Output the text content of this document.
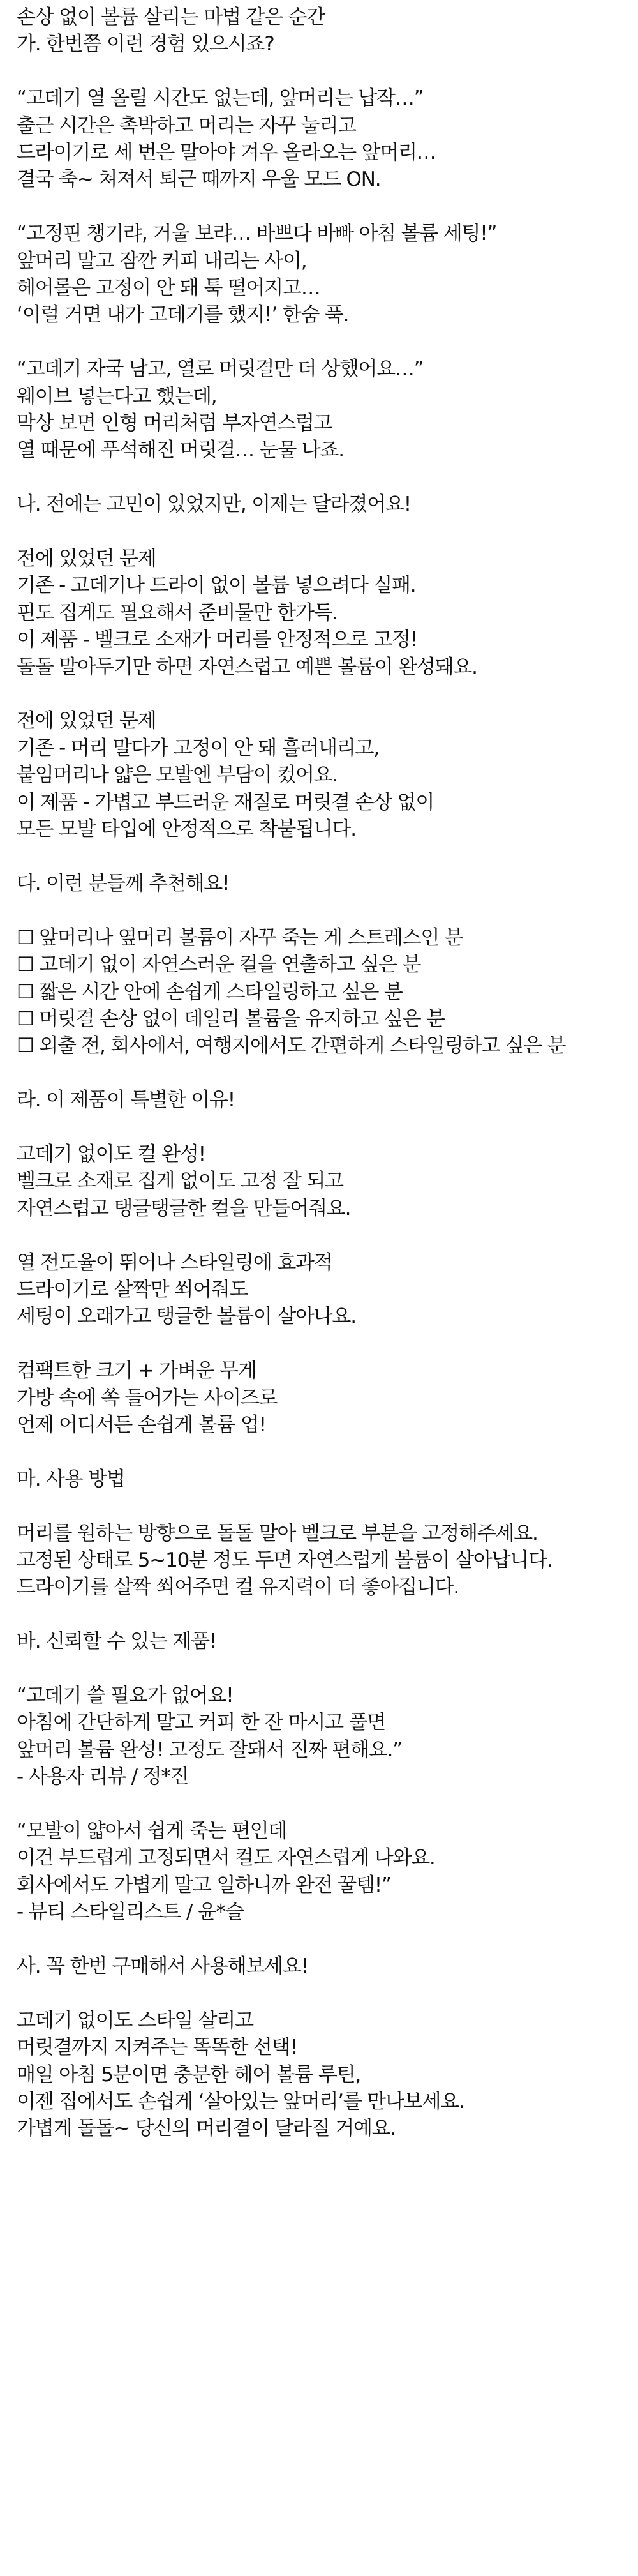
손상 없이 볼륨 살리는 마법 같은 순간
가. 한번쯤 이런 경험 있으시죠?
“고데기 열 올릴 시간도 없는데, 앞머리는 납작…”
출근 시간은 촉박하고 머리는 자꾸 눌리고
드라이기로 세 번은 말아야 겨우 올라오는 앞머리…
결국 축~ 쳐져서 퇴근 때까지 우울 모드 ON.
“고정핀 챙기랴, 거울 보랴… 바쁘다 바빠 아침 볼륨 세팅!”
앞머리 말고 잠깐 커피 내리는 사이,
헤어롤은 고정이 안 돼 툭 떨어지고…
‘이럴 거면 내가 고데기를 했지!’ 한숨 푹.
“고데기 자국 남고, 열로 머릿결만 더 상했어요…”
웨이브 넣는다고 했는데,
막상 보면 인형 머리처럼 부자연스럽고
열 때문에 푸석해진 머릿결… 눈물 나죠.
나. 전에는 고민이 있었지만, 이제는 달라졌어요!
전에 있었던 문제
기존 - 고데기나 드라이 없이 볼륨 넣으려다 실패.
핀도 집게도 필요해서 준비물만 한가득.
이 제품 - 벨크로 소재가 머리를 안정적으로 고정!
돌돌 말아두기만 하면 자연스럽고 예쁜 볼륨이 완성돼요.
전에 있었던 문제
기존 - 머리 말다가 고정이 안 돼 흘러내리고,
붙임머리나 얇은 모발엔 부담이 컸어요.
이 제품 - 가볍고 부드러운 재질로 머릿결 손상 없이
모든 모발 타입에 안정적으로 착붙됩니다.
다. 이런 분들께 추천해요!
☐ 앞머리나 옆머리 볼륨이 자꾸 죽는 게 스트레스인 분
☐ 고데기 없이 자연스러운 컬을 연출하고 싶은 분
☐ 짧은 시간 안에 손쉽게 스타일링하고 싶은 분
☐ 머릿결 손상 없이 데일리 볼륨을 유지하고 싶은 분
☐ 외출 전, 회사에서, 여행지에서도 간편하게 스타일링하고 싶은 분
라. 이 제품이 특별한 이유!
고데기 없이도 컬 완성!
벨크로 소재로 집게 없이도 고정 잘 되고
자연스럽고 탱글탱글한 컬을 만들어줘요.
열 전도율이 뛰어나 스타일링에 효과적
드라이기로 살짝만 쐬어줘도
세팅이 오래가고 탱글한 볼륨이 살아나요.
컴팩트한 크기 + 가벼운 무게
가방 속에 쏙 들어가는 사이즈로
언제 어디서든 손쉽게 볼륨 업!
마. 사용 방법
머리를 원하는 방향으로 돌돌 말아 벨크로 부분을 고정해주세요.
고정된 상태로 5~10분 정도 두면 자연스럽게 볼륨이 살아납니다.
드라이기를 살짝 쐬어주면 컬 유지력이 더 좋아집니다.
바. 신뢰할 수 있는 제품!
“고데기 쓸 필요가 없어요!
아침에 간단하게 말고 커피 한 잔 마시고 풀면
앞머리 볼륨 완성! 고정도 잘돼서 진짜 편해요.”
- 사용자 리뷰 / 정*진
“모발이 얇아서 쉽게 죽는 편인데
이건 부드럽게 고정되면서 컬도 자연스럽게 나와요.
회사에서도 가볍게 말고 일하니까 완전 꿀템!”
- 뷰티 스타일리스트 / 윤*슬
사. 꼭 한번 구매해서 사용해보세요!
고데기 없이도 스타일 살리고
머릿결까지 지켜주는 똑똑한 선택!
매일 아침 5분이면 충분한 헤어 볼륨 루틴,
이젠 집에서도 손쉽게 ‘살아있는 앞머리’를 만나보세요.
가볍게 돌돌~ 당신의 머리결이 달라질 거예요.
